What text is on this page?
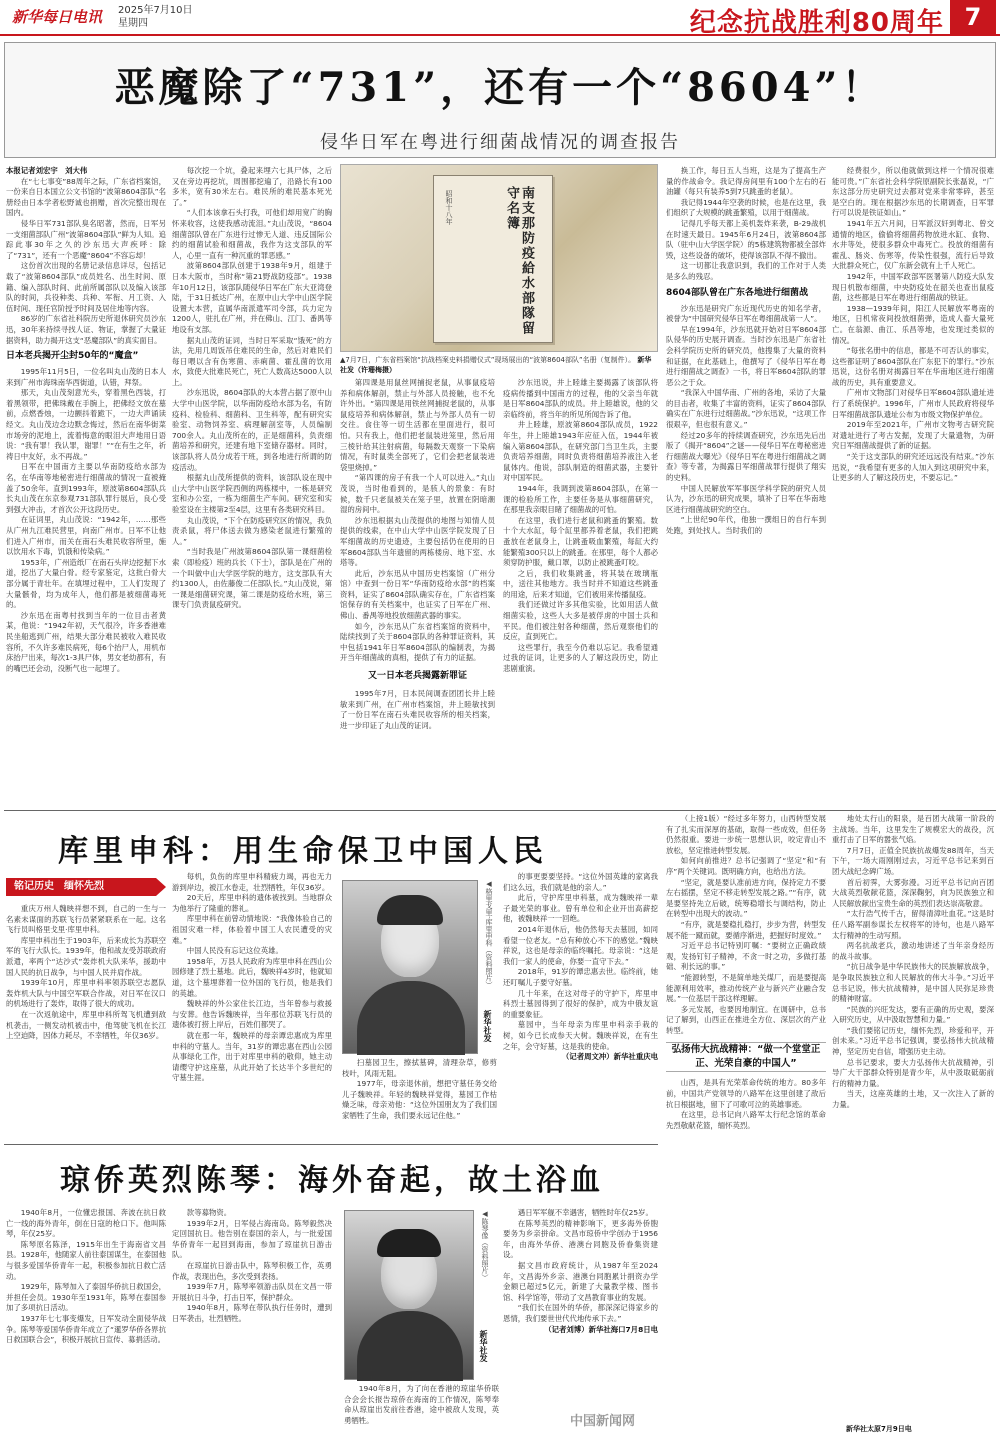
新华每日电讯 2025年7月10日
星期四	纪念抗战胜利80周年 7
恶魔除了“731”，还有一个“8604”！
侵华日军在粤进行细菌战情况的调查报告

本报记者刘宏宇　刘大伟

在“七七事变”88周年之际，广东省档案馆，一份来自日本国立公文书馆的“波第8604部队”名册经由日本学者松野诚也捐赠，首次完整出现在国内。

侵华日军731部队臭名昭著，然而，日军另一支细菌部队广州“波第8604部队”鲜为人知。追踪此事30年之久的沙东迅大声疾呼：除了“731”，还有一个恶魔“8604”不容忘却！

这份首次出现的名册记录信息详尽，包括记载了“波第8604部队”成员姓名、出生时间、原籍、编入部队时间、此前所属部队以及编入该部队的时间，兵役种类、兵种、军衔、月工资、入伍时间、现任官阶授予时间及居住地等内容。

86岁的广东省社科院历史所退休研究员沙东迅，30年来持续寻找人证、物证，掌握了大量证据资料，助力揭开这支“恶魔部队”的真实面目。

日本老兵揭开尘封50年的“魔盒”

1995年11月5日，一位名叫丸山茂的日本人来到广州市海珠南华西街道，认错，拜祭。

那天，丸山茂刻意光头，穿着黑色西装，打着黑领带，把佛珠戴在手腕上，把佛经文放在墓前，点燃香烛，一边颤抖着跪下，一边大声诵读经文。丸山茂边念边默念悔过，然后在南华街菜市场旁的泥地上，流着悔意的眼泪大声地用日语说：“我有罪！我认罪，谢罪！”“在有生之年，祈祷日中友好，永不再战。”

日军在中国南方主要以华南防疫给水部为名，在华南等地秘密进行细菌战的情况一直被掩盖了50余年。直到1993年，原波第8604部队兵长丸山茂在东京参观731部队罪行展后，良心受到强大冲击，才首次公开这段历史。

在证词里，丸山茂说：“1942年，……那些从广州九江难民营里，向南广州市。日军不让他们进入广州市，而关在南石头难民收容所里，施以饮用水下毒，饥饿和传染病。”

1953年，广州造纸厂在南石头岸边挖掘下水道，挖出了大量白骨。经专家鉴定，这批白骨大部分属于青壮年。在填埋过程中，工人们发现了大量骸骨，均为成年人，他们都是被细菌毒死的。

沙东迅在南粤村找到当年的一位目击者黄某，他说：“1942年初，天气很冷，许多香港难民坐船逃到广州，结果大部分难民被收入难民收容所，不久许多难民病死，每6个抬尸人，用机布床抬尸出来，每次1-3具尸体，男女老幼都有，有的嘴巴还会动，没断气也一起埋了。

每次挖一个坑，叠起来埋六七具尸体，之后又在旁边再挖坑，周围都挖遍了，沿路长有100多米，宽有30米左右。难民所的难民基本死光了。”

“人们本该拿石头打我，可他们却用宽广的胸怀来收容，这使我感动流泪。”丸山茂说，“8604细菌部队曾在广东进行过惨无人道、违反国际公约的细菌试验和细菌战，我作为这支部队的军人，心里一直有一种沉重的罪恶感。”

波第8604部队创建于1938年9月，组建于日本大阪市，当时称“第21野战防疫部”。1938年10月12日，该部队随侵华日军在广东大亚湾登陆，于31日抵达广州，在原中山大学中山医学院设置大本营，直属华南派遣军司令部，兵力定为1200人，驻扎在广州，并在佛山、江门、番禺等地设有支部。

据丸山茂的证词，当时日军采取“饿死”的方法，先用几周饭吊住难民的生命，然后对难民们每日喂以含有伤寒菌、赤痢菌、霍乱菌的饮用水，致使大批难民死亡，死亡人数高达5000人以上。

沙东迅说，8604部队的大本营占据了原中山大学中山医学院，以华南防疫给水部为名，有防疫科、检验科、细菌科、卫生科等，配有研究实验室、动物饲养室、病理解剖室等，人员编制700余人。丸山茂所在的，正是细菌科，负责细菌培养和研究，还建有地下室储存器材。同时，该部队将人员分成若干班，到各地进行所谓的防疫活动。

根据丸山茂所提供的资料，该部队设在现中山大学中山医学院西侧的两栋楼中，一栋是研究室和办公室，一栋为细菌生产车间。研究室和实验室设在主楼第2至4层，这里有各类研究科目。

丸山茂说，“下个在防疫研究区的情况，我负责杀鼠，将尸体送去做为感染老鼠进行繁殖的人。”

“当时我是广州波第8604部队第一课细菌检索（即检疫）班的兵长（下士），部队是在广州的一个叫做中山大学医学院的地方，这支部队有大约1300人，由佐藤俊二任部队长。”丸山茂说，第一课是细菌研究课，第二课是防疫给水班，第三课专门负责鼠疫研究。

昭和十八年	南支那防疫給水部隊留守名簿
▲7月7日，广东省档案馆“抗战档案史料捐赠仪式”现场展出的“波第8604部队”名册（复制件）。 新华社发（许珊梅摄）

第四课是用鼠丝网捕捉老鼠，从事鼠疫培养和病体解剖，禁止与外部人员接触，也不允许外出。“第四课是用铁丝网捕捉老鼠的，从事鼠疫培养和病体解剖，禁止与外部人员有一切交往。食住等一切生活都在里面进行，很可怕。只有我上，他们把老鼠装进笼里，然后用三棱针给其注射病菌，每隔数天观察一下染病情况，有时鼠类全部死了，它们会把老鼠装进袋里烧掉。”

“第四课的房子有我一个人可以进入。”丸山茂说，当时他看到的，是骇人的景象：有时候，数千只老鼠被关在笼子里，放置在阴暗潮湿的房间中。

沙东迅根据丸山茂提供的地图与知情人员提供的线索，在中山大学中山医学院发现了日军细菌战的历史遗迹，主要包括仍在使用的日军8604部队当年遗留的两栋楼房、地下室、水塔等。

此后，沙东迅从中国历史档案馆（广州分馆）中查到一份日军“华南防疫给水部”的档案资料，证实了8604部队确实存在，广东省档案馆保存的有关档案中，也证实了日军在广州、佛山、番禺等地投放细菌武器的事实。

如今，沙东迅从广东省档案馆的资料中，陆续找到了关于8604部队的各种罪证资料，其中包括1941年日军8604部队的编制表，为揭开当年细菌战的真相，提供了有力的证据。

又一日本老兵揭露新罪证

1995年7月，日本民间调查团团长井上睦敏来到广州，在广州市档案馆，井上睦敏找到了一份日军在南石头难民收容所的相关档案，进一步印证了丸山茂的证词。

沙东迅说，井上睦雄主要揭露了该部队将疫病传播到中国南方的过程，他的父亲当年就是日军8604部队的成员。井上睦雄说，他的父亲临终前，将当年的所见所闻告诉了他。

井上睦雄，原波第8604部队成员，1922年生，井上睦雄1943年应征入伍，1944年被编入第8604部队，在研究部门当卫生兵，主要负责培养细菌，同时负责将细菌培养液注入老鼠体内。他说，部队制造的细菌武器，主要针对中国军民。

1944年，我调到波第8604部队，在第一课的检验所工作，主要任务是从事细菌研究，在那里我亲眼目睹了细菌战的可怕。

在这里，我们进行老鼠和跳蚤的繁殖。数十个大水缸，每个缸里都养着老鼠，我们把跳蚤放在老鼠身上，让跳蚤吸血繁殖，每缸大约能繁殖300只以上的跳蚤。在那里，每个人都必须穿防护服，戴口罩，以防止被跳蚤叮咬。

之后，我们收集跳蚤，将其装在玻璃瓶中，送往其他地方。我当时并不知道这些跳蚤的用途，后来才知道，它们被用来传播鼠疫。

我们还做过许多其他实验，比如用活人做细菌实验，这些人大多是被俘虏的中国士兵和平民。他们被注射各种细菌，然后观察他们的反应，直到死亡。

这些罪行，我至今仍难以忘记。我希望通过我的证词，让更多的人了解这段历史，防止悲剧重演。

换工作，每日五人当班，这是为了提高生产量的作战命令。我记得房间里有100个左右的石油罐（每只有装养5到7只跳蚤的老鼠）。

我记得1944年空袭的时候，也是在这里，我们组织了大规模的跳蚤繁殖，以用于细菌战。

记得几乎每天都上美机轰炸来袭，B-29战机在时速天最日。1945年6月24日，波第8604部队（驻中山大学医学院）的5栋建筑物都被全部炸毁，这些设备的破坏，使得该部队不得不撤出。

这一切都让我意识到，我们的工作对于人类是多么的残忍。

8604部队曾在广东各地进行细菌战

沙东迅是研究广东近现代历史的知名学者，被誉为“中国研究侵华日军在粤细菌战第一人”。

早在1994年，沙东迅就开始对日军8604部队侵华的历史展开调查。当时沙东迅是广东省社会科学院历史所的研究员，他搜集了大量的资料和证据，在此基础上，他撰写了《侵华日军在粤进行细菌战之调查》一书，将日军8604部队的罪恶公之于众。

“我深入中国华南、广州的各地，采访了大量的目击者，收集了丰富的资料，证实了8604部队确实在广东进行过细菌战。”沙东迅说，“这项工作很艰辛，但也很有意义。”

经过20多年的持续调查研究，沙东迅先后出版了《揭开“8604”之谜——侵华日军在粤秘密进行细菌战大曝光》《侵华日军在粤进行细菌战之调查》等专著，为揭露日军细菌战罪行提供了翔实的史料。

中国人民解放军军事医学科学院的研究人员认为，沙东迅的研究成果，填补了日军在华南地区进行细菌战研究的空白。

“上世纪90年代，他独一撰组日的自行车到处跑，到处找人。当时我们的

经费很少，所以他就做到这样一个情况很难能可贵。”广东省社会科学院原副院长张磊说，“广东这部分历史研究过去都对党来非常零碎，甚至是空白的。现在根据沙东迅的长期调查，日军罪行可以说是铁证如山。”

1941年五六月间，日军派汉奸到粤北、曾交通情的地区，偷偷将细菌药物放进水缸、食物、水井等处，使很多群众中毒死亡。投放的细菌有霍乱、肠炎、伤寒等，传染性很强，流行后导致大批群众死亡，仅广东新会就有上千人死亡。

1942年，中国军政部军医署第八防疫大队发现日机散布细菌，中央防疫处在韶关也查出鼠疫菌，这些都是日军在粤进行细菌战的铁证。

1938—1939年间，阳江人民解放军粤南的地区，日机常夜间投放细菌弹，造成人畜大量死亡。在翁源、曲江、乐昌等地，也发现过类似的情况。

“每张名册中的信息，都是不可否认的事实，这些都证明了8604部队在广东犯下的罪行。”沙东迅说，这份名册对揭露日军在华南地区进行细菌战的历史，具有重要意义。

广州市文物部门对侵华日军8604部队遗址进行了系统保护。1996年，广州市人民政府将侵华日军细菌战部队遗址公布为市级文物保护单位。

2019年至2021年，广州市文物考古研究院对遗址进行了考古发掘，发现了大量遗物，为研究日军细菌战提供了新的证据。

“关于这支部队的研究还远远没有结束。”沙东迅说，“我希望有更多的人加入到这项研究中来，让更多的人了解这段历史，不要忘记。”

库里申科：用生命保卫中国人民
铭记历史　缅怀先烈

重庆万州人魏映祥想不到，自己的一生与一名素未谋面的苏联飞行员紧紧联系在一起。这名飞行员叫格里戈里·库里申科。

库里申科出生于1903年，后来成长为苏联空军的飞行大队长。1939年，他和战友受苏联政府派遣，率两个“达沙式”轰炸机大队来华，援助中国人民的抗日战争，与中国人民并肩作战。

1939年10月，库里申科率领苏联空志愿队轰炸机大队与中国空军联合作战，对日军在汉口的机场进行了轰炸，取得了很大的成功。

在一次返航途中，库里申科所驾飞机遭到敌机袭击，一侧发动机被击中，他驾驶飞机在长江上空迫降，因体力耗尽，不幸牺牲，年仅36岁。

每机，负伤的库里申科精疲力竭，再也无力游到岸边，被江水卷走，壮烈牺牲，年仅36岁。

20天后，库里申科的遗体被找到。当地群众为他举行了隆重的葬礼。

库里申科在前曾动情地说：“我像体验自己的祖国灾难一样，体验着中国工人农民遭受的灾难。”

中国人民没有忘记这位英雄。

1958年，万县人民政府为库里申科在西山公园修建了烈士墓地。此后，魏映祥4岁时，他就知道，这个墓埋葬着一位外国的飞行员，他是我们的英雄。

魏映祥的外公家住长江边，当年曾参与救援与安葬。他告诉魏映祥，当年那位苏联飞行员的遗体被打捞上岸后，百姓们都哭了。

就在那一年，魏映祥的母亲谭忠惠成为库里申科的守墓人。当年，31岁的谭忠惠在西山公园从事绿化工作，出于对库里申科的敬仰，她主动请缨守护这座墓，从此开始了长达半个多世纪的守墓生涯。

◀格里戈里·库里申科（资料照片）
新华社发

扫墓园卫生，擦拭墓碑，清理杂草，修剪枝叶，风雨无阻。

1977年，母亲退休前，想把守墓任务交给儿子魏映祥。年轻的魏映祥觉得，墓园工作枯燥乏味，母亲劝他：“这位外国朋友为了我们国家牺牲了生命，我们要永远记住他。”

的事更要要坚持。“这位外国英雄的家离我们这么远，我们就是他的亲人。”

此后，守护库里申科墓，成为魏映祥一辈子最光荣的事业。曾有单位和企业开出高薪挖他，被魏映祥一一回绝。

2014年退休后，他仍然每天去墓园，如同看望一位老友。“总有种放心不下的感觉。”魏映祥说，这也是母亲的临终嘱托。母亲说：“这是我们一家人的使命，你要一直守下去。”

2018年，91岁的谭忠惠去世。临终前，她还叮嘱儿子要守好墓。

几十年来，在这对母子的守护下，库里申科烈士墓园得到了很好的保护，成为中俄友谊的重要象征。

墓园中，当年母亲为库里申科亲手栽的树，如今已长成参天大树。魏映祥说，在有生之年，会守好墓，这是我的使命。

（记者周文冲）新华社重庆电

（上接1版）“经过多年努力，山西转型发展有了扎实而深厚的基础，取得一些成效，但任务仍然很重。要进一步统一思想认识，咬定青山不放松，坚定推进转型发展。

如何向前推进？总书记强调了“坚定”和“有序”两个关键词。既明确方向，也给出方法。

“坚定，就是要认准前进方向，保持定力不要左右摇摆，坚定不移走转型发展之路。”“有序，就是要坚持先立后破，统筹稳增长与调结构，防止在转型中出现大的波动。”

“有序，就是要稳扎稳打，步步为营，转型发展不能一蹴而就，要循序渐进，把握好时度效。”

习近平总书记特别叮嘱：“要树立正确政绩观，发扬钉钉子精神，不贪一时之功，多做打基础、利长远的事。”

“能源转型，不是简单地关煤厂，而是要提高能源利用效率，推动传统产业与新兴产业融合发展。”一位基层干部这样理解。

多元发展，也要因地制宜。在调研中，总书记了解到，山西正在推进全方位、深层次的产业转型。

弘扬伟大抗战精神：“做一个堂堂正正、光荣自豪的中国人”

山西，是具有光荣革命传统的地方。80多年前，中国共产党领导的八路军在这里创建了敌后抗日根据地，留下了可歌可泣的英雄事迹。

在这里，总书记向八路军太行纪念馆的革命先烈敬献花篮，缅怀英烈。

地处太行山的阳泉，是百团大战第一阶段的主战场。当年，这里发生了规模宏大的战役，沉重打击了日军的嚣张气焰。

7月7日，正值全民族抗战爆发88周年，当天下午，一场大雨刚刚过去，习近平总书记来到百团大战纪念碑广场。

首后初霁，大雾弥漫。习近平总书记向百团大战英烈敬献花篮，深深鞠躬，向为民族独立和人民解放献出宝贵生命的英烈们表达崇高敬意。

“太行浩气传千古，留得清漳吐血花。”这是时任八路军副参谋长左权将军的诗句，也是八路军太行精神的生动写照。

两名抗战老兵，激动地讲述了当年亲身经历的战斗故事。

“抗日战争是中华民族伟大的民族解放战争，是争取民族独立和人民解放的伟大斗争。”习近平总书记说，伟大抗战精神，是中国人民弥足珍贵的精神财富。

“民族的兴旺发达，要有正确的历史观，要深入研究历史，从中汲取智慧和力量。”

“我们要铭记历史，缅怀先烈，珍爱和平，开创未来。”习近平总书记强调，要弘扬伟大抗战精神，坚定历史自信，增强历史主动。

总书记要求，要大力弘扬伟大抗战精神，引导广大干部群众特别是青少年，从中汲取砥砺前行的精神力量。

当天，这座英雄的土地，又一次注入了新的力量。

琼侨英烈陈琴：海外奋起，故土浴血

1940年8月，一位懂忠报国、奔波在抗日救亡一线的海外青年，倒在日寇的枪口下。他叫陈琴，年仅25岁。

陈琴原名陈泽，1915年出生于海南省文昌县。1928年，他随家人前往泰国谋生，在泰国他与很多爱国华侨青年一起，积极参加抗日救亡活动。

1929年，陈琴加入了泰国华侨抗日救国会，并担任会员。1930年至1931年，陈琴在泰国参加了多项抗日活动。

1937年七七事变爆发，日军发动全面侵华战争。陈琴等爱国华侨青年成立了“暹罗华侨各界抗日救国联合会”，积极开展抗日宣传、募捐活动。

款等募物资。

1939年2月，日军侵占海南岛。陈琴毅然决定回国抗日。他告别在泰国的亲人，与一批爱国华侨青年一起回到海南，参加了琼崖抗日游击队。

在琼崖抗日游击队中，陈琴积极工作，英勇作战，表现出色，多次受到表扬。

1939年7月，陈琴率领游击队员在文昌一带开展抗日斗争，打击日军，保护群众。

1940年8月，陈琴在带队执行任务时，遭到日军袭击，壮烈牺牲。

◀陈琴像（资料照片）
新华社发

1940年8月，为了向在香港的琼崖华侨联合会会长报告琼侨在海南的工作情况，陈琴奉命从琼崖出发前往香港，途中被敌人发现，英勇牺牲。

遇日军军舰不幸遇害，牺牲时年仅25岁。

在陈琴英烈的精神影响下，更多海外侨胞要务为乡亲拼命。文昌市琼侨中学创办于1956年，由海外华侨、港澳台同胞及侨眷集资建设。

据文昌市政府统计，从1987年至2024年，文昌海外乡亲、港澳台同胞累计捐资办学金额已超过5亿元，新建了大量教学楼、图书馆、科学馆等，带动了文昌教育事业的发展。

“我们长在国外的华侨，都深深记得家乡的恩情，我们要世世代代地传承下去。”

（记者刘博）新华社海口7月8日电

中国新闻网	新华社太原7月9日电
